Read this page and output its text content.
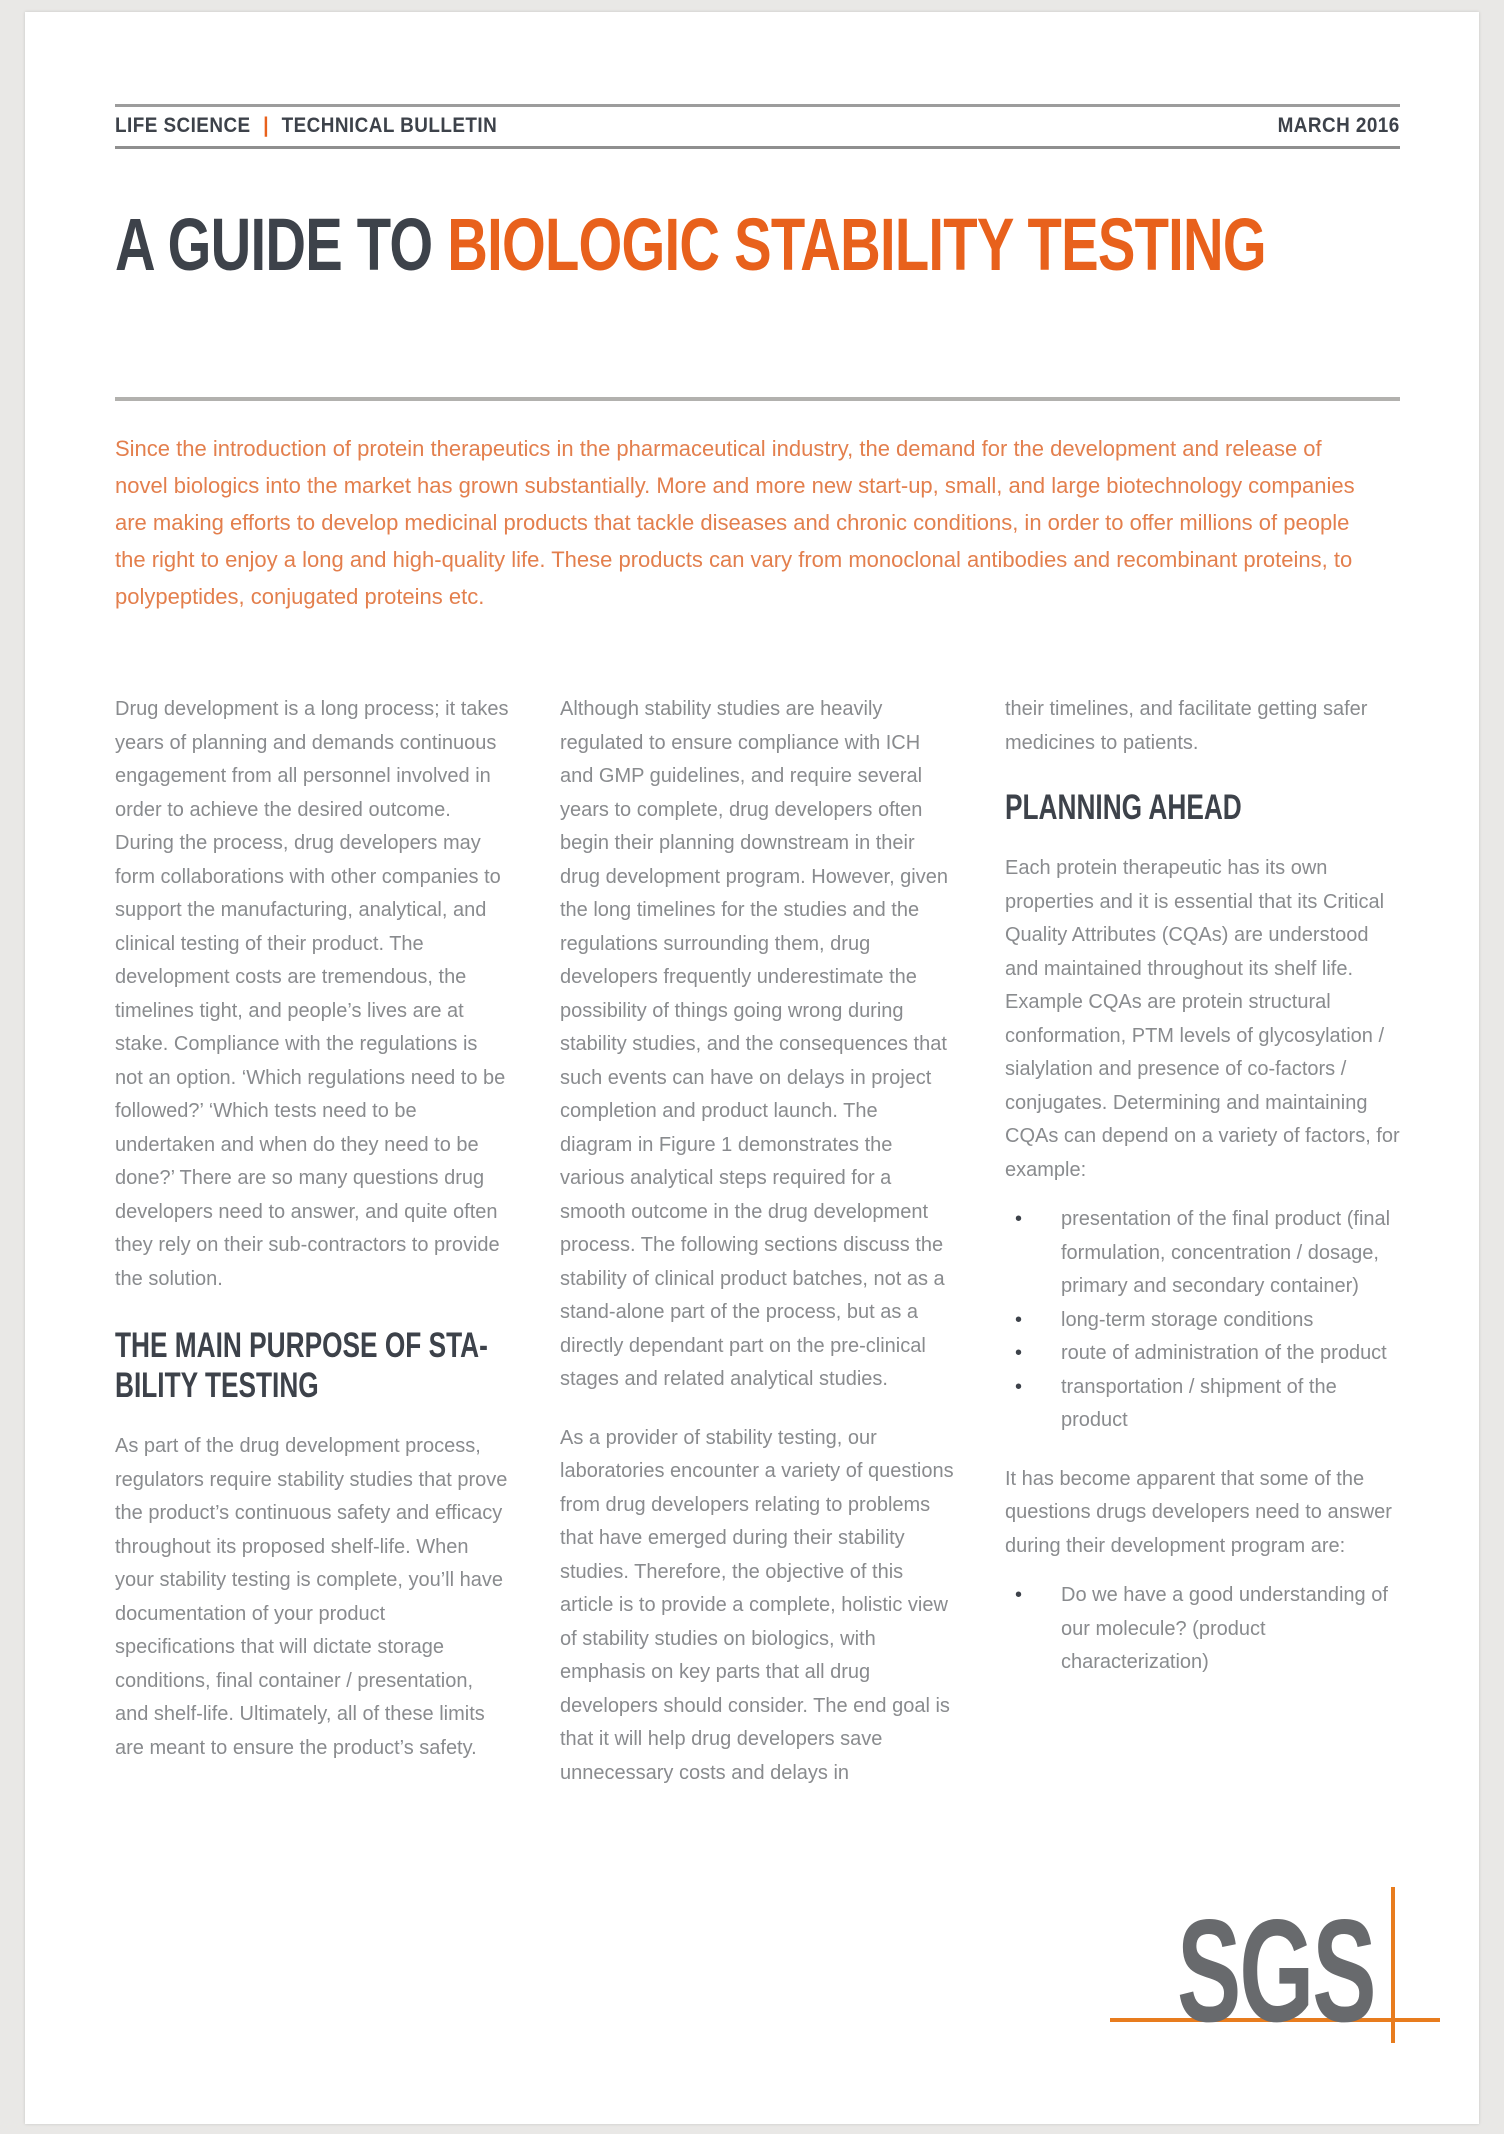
LIFE SCIENCE | TECHNICAL BULLETIN	MARCH 2016
A GUIDE TO BIOLOGIC STABILITY TESTING

Since the introduction of protein therapeutics in the pharmaceutical industry, the demand for the development and release of novel biologics into the market has grown substantially. More and more new start-up, small, and large biotechnology companies are making efforts to develop medicinal products that tackle diseases and chronic conditions, in order to offer millions of people the right to enjoy a long and high-quality life. These products can vary from monoclonal antibodies and recombinant proteins, to polypeptides, conjugated proteins etc.

Drug development is a long process; it takes years of planning and demands continuous engagement from all personnel involved in order to achieve the desired outcome. During the process, drug developers may form collaborations with other companies to support the manufacturing, analytical, and clinical testing of their product. The development costs are tremendous, the timelines tight, and people’s lives are at stake. Compliance with the regulations is not an option. ‘Which regulations need to be followed?’ ‘Which tests need to be undertaken and when do they need to be done?’ There are so many questions drug developers need to answer, and quite often they rely on their sub-contractors to provide the solution.

THE MAIN PURPOSE OF STA-
BILITY TESTING

As part of the drug development process, regulators require stability studies that prove the product’s continuous safety and efficacy throughout its proposed shelf-life. When your stability testing is complete, you’ll have documentation of your product specifications that will dictate storage conditions, final container / presentation, and shelf-life. Ultimately, all of these limits are meant to ensure the product’s safety.

Although stability studies are heavily regulated to ensure compliance with ICH and GMP guidelines, and require several years to complete, drug developers often begin their planning downstream in their drug development program. However, given the long timelines for the studies and the regulations surrounding them, drug developers frequently underestimate the possibility of things going wrong during stability studies, and the consequences that such events can have on delays in project completion and product launch. The diagram in Figure 1 demonstrates the various analytical steps required for a smooth outcome in the drug development process. The following sections discuss the stability of clinical product batches, not as a stand-alone part of the process, but as a directly dependant part on the pre-clinical stages and related analytical studies.

As a provider of stability testing, our laboratories encounter a variety of questions from drug developers relating to problems that have emerged during their stability studies. Therefore, the objective of this article is to provide a complete, holistic view of stability studies on biologics, with emphasis on key parts that all drug developers should consider. The end goal is that it will help drug developers save unnecessary costs and delays in

their timelines, and facilitate getting safer medicines to patients.

PLANNING AHEAD

Each protein therapeutic has its own properties and it is essential that its Critical Quality Attributes (CQAs) are understood and maintained throughout its shelf life. Example CQAs are protein structural conformation, PTM levels of glycosylation / sialylation and presence of co-factors / conjugates. Determining and maintaining CQAs can depend on a variety of factors, for example:

• presentation of the final product (final formulation, concentration / dosage, primary and secondary container)
• long-term storage conditions
• route of administration of the product
• transportation / shipment of the product

It has become apparent that some of the questions drugs developers need to answer during their development program are:

• Do we have a good understanding of our molecule? (product characterization)
SGS
